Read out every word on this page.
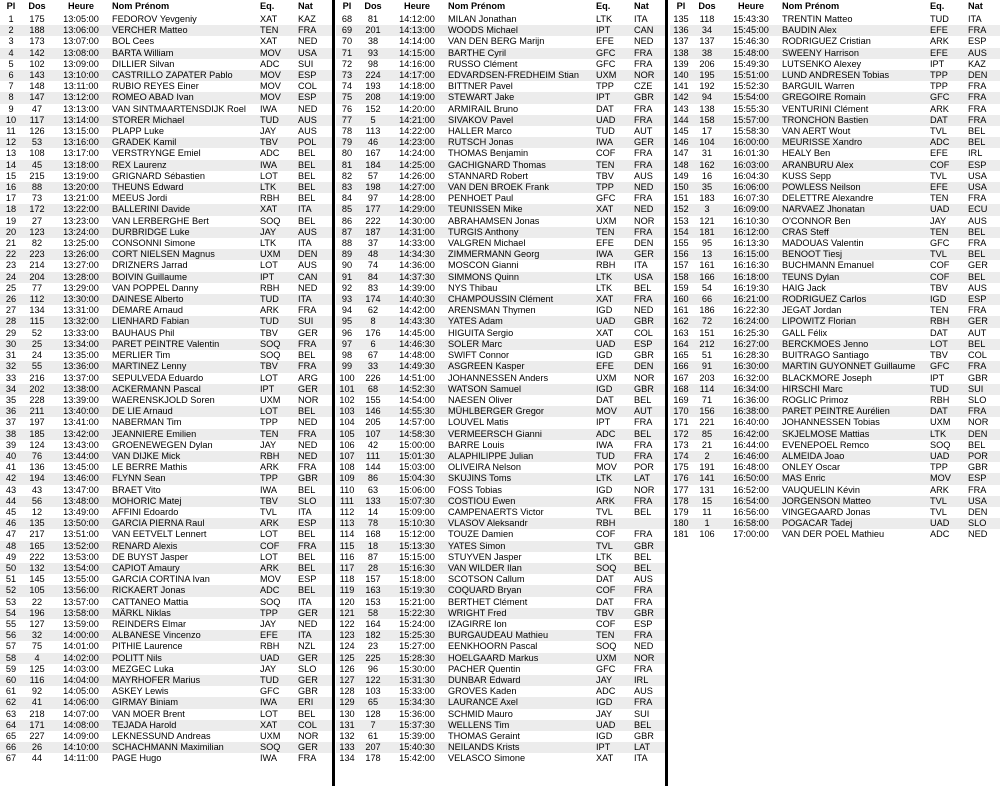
Pl	Dos	Heure	Nom Prénom	Eq.	Nat
1	175	13:05:00	FEDOROV Yevgeniy	XAT	KAZ
2	188	13:06:00	VERCHER Matteo	TEN	FRA
3	173	13:07:00	BOL Cees	XAT	NED
4	142	13:08:00	BARTA William	MOV	USA
5	102	13:09:00	DILLIER Silvan	ADC	SUI
6	143	13:10:00	CASTRILLO ZAPATER Pablo	MOV	ESP
7	148	13:11:00	RUBIO REYES Einer	MOV	COL
8	147	13:12:00	ROMEO ABAD Ivan	MOV	ESP
9	47	13:13:00	VAN SINTMAARTENSDIJK Roel	IWA	NED
10	117	13:14:00	STORER Michael	TUD	AUS
11	126	13:15:00	PLAPP Luke	JAY	AUS
12	53	13:16:00	GRADEK Kamil	TBV	POL
13	108	13:17:00	VERSTRYNGE Emiel	ADC	BEL
14	45	13:18:00	REX Laurenz	IWA	BEL
15	215	13:19:00	GRIGNARD Sébastien	LOT	BEL
16	88	13:20:00	THEUNS Edward	LTK	BEL
17	73	13:21:00	MEEUS Jordi	RBH	BEL
18	172	13:22:00	BALLERINI Davide	XAT	ITA
19	27	13:23:00	VAN LERBERGHE Bert	SOQ	BEL
20	123	13:24:00	DURBRIDGE Luke	JAY	AUS
21	82	13:25:00	CONSONNI Simone	LTK	ITA
22	223	13:26:00	CORT NIELSEN Magnus	UXM	DEN
23	214	13:27:00	DRIZNERS Jarrad	LOT	AUS
24	204	13:28:00	BOIVIN Guillaume	IPT	CAN
25	77	13:29:00	VAN POPPEL Danny	RBH	NED
26	112	13:30:00	DAINESE Alberto	TUD	ITA
27	134	13:31:00	DEMARE Arnaud	ARK	FRA
28	115	13:32:00	LIENHARD Fabian	TUD	SUI
29	52	13:33:00	BAUHAUS Phil	TBV	GER
30	25	13:34:00	PARET PEINTRE Valentin	SOQ	FRA
31	24	13:35:00	MERLIER Tim	SOQ	BEL
32	55	13:36:00	MARTINEZ Lenny	TBV	FRA
33	216	13:37:00	SEPULVEDA Eduardo	LOT	ARG
34	202	13:38:00	ACKERMANN Pascal	IPT	GER
35	228	13:39:00	WAERENSKJOLD Soren	UXM	NOR
36	211	13:40:00	DE LIE Arnaud	LOT	BEL
37	197	13:41:00	NABERMAN Tim	TPP	NED
38	185	13:42:00	JEANNIERE Emilien	TEN	FRA
39	124	13:43:00	GROENEWEGEN Dylan	JAY	NED
40	76	13:44:00	VAN DIJKE Mick	RBH	NED
41	136	13:45:00	LE BERRE Mathis	ARK	FRA
42	194	13:46:00	FLYNN Sean	TPP	GBR
43	43	13:47:00	BRAET Vito	IWA	BEL
44	56	13:48:00	MOHORIC Matej	TBV	SLO
45	12	13:49:00	AFFINI Edoardo	TVL	ITA
46	135	13:50:00	GARCIA PIERNA Raul	ARK	ESP
47	217	13:51:00	VAN EETVELT Lennert	LOT	BEL
48	165	13:52:00	RENARD Alexis	COF	FRA
49	222	13:53:00	DE BUYST Jasper	LOT	BEL
50	132	13:54:00	CAPIOT Amaury	ARK	BEL
51	145	13:55:00	GARCIA CORTINA Ivan	MOV	ESP
52	105	13:56:00	RICKAERT Jonas	ADC	BEL
53	22	13:57:00	CATTANEO Mattia	SOQ	ITA
54	196	13:58:00	MÄRKL Niklas	TPP	GER
55	127	13:59:00	REINDERS Elmar	JAY	NED
56	32	14:00:00	ALBANESE Vincenzo	EFE	ITA
57	75	14:01:00	PITHIE Laurence	RBH	NZL
58	4	14:02:00	POLITT Nils	UAD	GER
59	125	14:03:00	MEZGEC Luka	JAY	SLO
60	116	14:04:00	MAYRHOFER Marius	TUD	GER
61	92	14:05:00	ASKEY Lewis	GFC	GBR
62	41	14:06:00	GIRMAY Biniam	IWA	ERI
63	218	14:07:00	VAN MOER Brent	LOT	BEL
64	171	14:08:00	TEJADA Harold	XAT	COL
65	227	14:09:00	LEKNESSUND Andreas	UXM	NOR
66	26	14:10:00	SCHACHMANN Maximilian	SOQ	GER
67	44	14:11:00	PAGE Hugo	IWA	FRA
Pl	Dos	Heure	Nom Prénom	Eq.	Nat
68	81	14:12:00	MILAN Jonathan	LTK	ITA
69	201	14:13:00	WOODS Michael	IPT	CAN
70	38	14:14:00	VAN DEN BERG Marijn	EFE	NED
71	93	14:15:00	BARTHE Cyril	GFC	FRA
72	98	14:16:00	RUSSO Clément	GFC	FRA
73	224	14:17:00	EDVARDSEN-FREDHEIM Stian	UXM	NOR
74	193	14:18:00	BITTNER Pavel	TPP	CZE
75	208	14:19:00	STEWART Jake	IPT	GBR
76	152	14:20:00	ARMIRAIL Bruno	DAT	FRA
77	5	14:21:00	SIVAKOV Pavel	UAD	FRA
78	113	14:22:00	HALLER Marco	TUD	AUT
79	46	14:23:00	RUTSCH Jonas	IWA	GER
80	167	14:24:00	THOMAS Benjamin	COF	FRA
81	184	14:25:00	GACHIGNARD Thomas	TEN	FRA
82	57	14:26:00	STANNARD Robert	TBV	AUS
83	198	14:27:00	VAN DEN BROEK Frank	TPP	NED
84	97	14:28:00	PENHOET Paul	GFC	FRA
85	177	14:29:00	TEUNISSEN Mike	XAT	NED
86	222	14:30:00	ABRAHAMSEN Jonas	UXM	NOR
87	187	14:31:00	TURGIS Anthony	TEN	FRA
88	37	14:33:00	VALGREN Michael	EFE	DEN
89	48	14:34:30	ZIMMERMANN Georg	IWA	GER
90	74	14:36:00	MOSCON Gianni	RBH	ITA
91	84	14:37:30	SIMMONS Quinn	LTK	USA
92	83	14:39:00	NYS Thibau	LTK	BEL
93	174	14:40:30	CHAMPOUSSIN Clément	XAT	FRA
94	62	14:42:00	ARENSMAN Thymen	IGD	NED
95	8	14:43:30	YATES Adam	UAD	GBR
96	176	14:45:00	HIGUITA Sergio	XAT	COL
97	6	14:46:30	SOLER Marc	UAD	ESP
98	67	14:48:00	SWIFT Connor	IGD	GBR
99	33	14:49:30	ASGREEN Kasper	EFE	DEN
100	226	14:51:00	JOHANNESSEN Anders	UXM	NOR
101	68	14:52:30	WATSON Samuel	IGD	GBR
102	155	14:54:00	NAESEN Oliver	DAT	BEL
103	146	14:55:30	MÜHLBERGER Gregor	MOV	AUT
104	205	14:57:00	LOUVEL Matis	IPT	FRA
105	107	14:58:30	VERMEERSCH Gianni	ADC	BEL
106	42	15:00:00	BARRE Louis	IWA	FRA
107	111	15:01:30	ALAPHILIPPE Julian	TUD	FRA
108	144	15:03:00	OLIVEIRA Nelson	MOV	POR
109	86	15:04:30	SKUJINS Toms	LTK	LAT
110	63	15:06:00	FOSS Tobias	IGD	NOR
111	133	15:07:30	COSTIOU Ewen	ARK	FRA
112	14	15:09:00	CAMPENAERTS Victor	TVL	BEL
113	78	15:10:30	VLASOV Aleksandr	RBH	
114	168	15:12:00	TOUZE Damien	COF	FRA
115	18	15:13:30	YATES Simon	TVL	GBR
116	87	15:15:00	STUYVEN Jasper	LTK	BEL
117	28	15:16:30	VAN WILDER Ilan	SOQ	BEL
118	157	15:18:00	SCOTSON Callum	DAT	AUS
119	163	15:19:30	COQUARD Bryan	COF	FRA
120	153	15:21:00	BERTHET Clément	DAT	FRA
121	58	15:22:30	WRIGHT Fred	TBV	GBR
122	164	15:24:00	IZAGIRRE Ion	COF	ESP
123	182	15:25:30	BURGAUDEAU Mathieu	TEN	FRA
124	23	15:27:00	EENKHOORN Pascal	SOQ	NED
125	225	15:28:30	HOELGAARD Markus	UXM	NOR
126	96	15:30:00	PACHER Quentin	GFC	FRA
127	122	15:31:30	DUNBAR Edward	JAY	IRL
128	103	15:33:00	GROVES Kaden	ADC	AUS
129	65	15:34:30	LAURANCE Axel	IGD	FRA
130	128	15:36:00	SCHMID Mauro	JAY	SUI
131	7	15:37:30	WELLENS Tim	UAD	BEL
132	61	15:39:00	THOMAS Geraint	IGD	GBR
133	207	15:40:30	NEILANDS Krists	IPT	LAT
134	178	15:42:00	VELASCO Simone	XAT	ITA
Pl	Dos	Heure	Nom Prénom	Eq.	Nat
135	118	15:43:30	TRENTIN Matteo	TUD	ITA
136	34	15:45:00	BAUDIN Alex	EFE	FRA
137	137	15:46:30	RODRIGUEZ Cristian	ARK	ESP
138	38	15:48:00	SWEENY Harrison	EFE	AUS
139	206	15:49:30	LUTSENKO Alexey	IPT	KAZ
140	195	15:51:00	LUND ANDRESEN Tobias	TPP	DEN
141	192	15:52:30	BARGUIL Warren	TPP	FRA
142	94	15:54:00	GREGOIRE Romain	GFC	FRA
143	138	15:55:30	VENTURINI Clément	ARK	FRA
144	158	15:57:00	TRONCHON Bastien	DAT	FRA
145	17	15:58:30	VAN AERT Wout	TVL	BEL
146	104	16:00:00	MEURISSE Xandro	ADC	BEL
147	31	16:01:30	HEALY Ben	EFE	IRL
148	162	16:03:00	ARANBURU Alex	COF	ESP
149	16	16:04:30	KUSS Sepp	TVL	USA
150	35	16:06:00	POWLESS Neilson	EFE	USA
151	183	16:07:30	DELETTRE Alexandre	TEN	FRA
152	3	16:09:00	NARVAEZ Jhonatan	UAD	ECU
153	121	16:10:30	O'CONNOR Ben	JAY	AUS
154	181	16:12:00	CRAS Steff	TEN	BEL
155	95	16:13:30	MADOUAS Valentin	GFC	FRA
156	13	16:15:00	BENOOT Tiesj	TVL	BEL
157	161	16:16:30	BUCHMANN Emanuel	COF	GER
158	166	16:18:00	TEUNS Dylan	COF	BEL
159	54	16:19:30	HAIG Jack	TBV	AUS
160	66	16:21:00	RODRIGUEZ Carlos	IGD	ESP
161	186	16:22:30	JEGAT Jordan	TEN	FRA
162	72	16:24:00	LIPOWITZ Florian	RBH	GER
163	151	16:25:30	GALL Félix	DAT	AUT
164	212	16:27:00	BERCKMOES Jenno	LOT	BEL
165	51	16:28:30	BUITRAGO Santiago	TBV	COL
166	91	16:30:00	MARTIN GUYONNET Guillaume	GFC	FRA
167	203	16:32:00	BLACKMORE Joseph	IPT	GBR
168	114	16:34:00	HIRSCHI Marc	TUD	SUI
169	71	16:36:00	ROGLIC Primoz	RBH	SLO
170	156	16:38:00	PARET PEINTRE Aurélien	DAT	FRA
171	221	16:40:00	JOHANNESSEN Tobias	UXM	NOR
172	85	16:42:00	SKJELMOSE Mattias	LTK	DEN
173	21	16:44:00	EVENEPOEL Remco	SOQ	BEL
174	2	16:46:00	ALMEIDA Joao	UAD	POR
175	191	16:48:00	ONLEY Oscar	TPP	GBR
176	141	16:50:00	MAS Enric	MOV	ESP
177	131	16:52:00	VAUQUELIN Kévin	ARK	FRA
178	15	16:54:00	JORGENSON Matteo	TVL	USA
179	11	16:56:00	VINGEGAARD Jonas	TVL	DEN
180	1	16:58:00	POGACAR Tadej	UAD	SLO
181	106	17:00:00	VAN DER POEL Mathieu	ADC	NED
